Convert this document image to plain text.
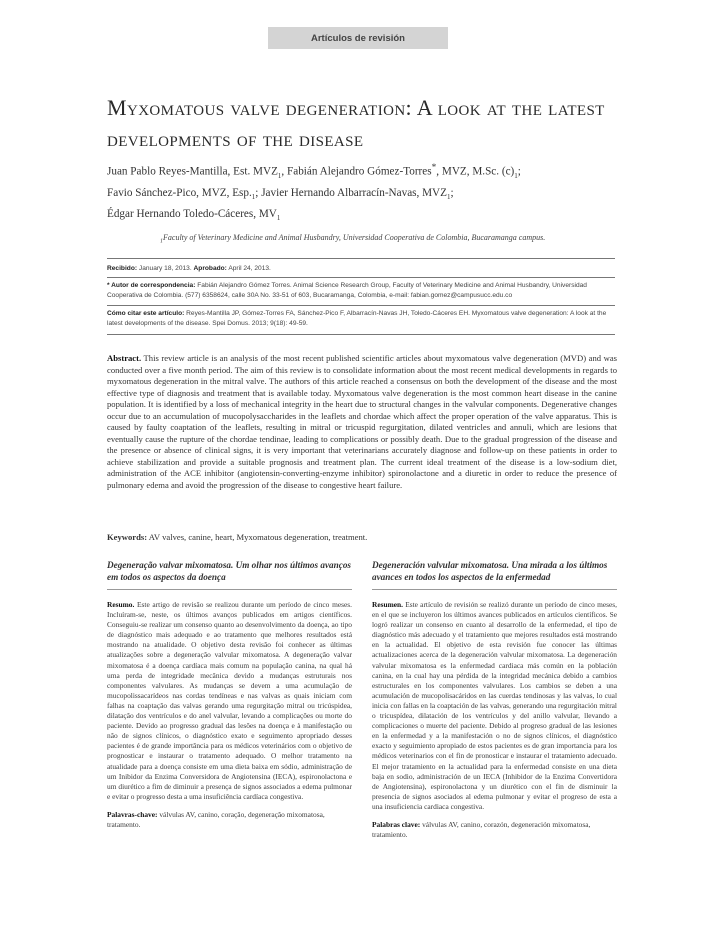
Artículos de revisión
Myxomatous valve degeneration: A look at the latest developments of the disease
Juan Pablo Reyes-Mantilla, Est. $MVZ_1$, Fabián Alejandro Gómez-Torres*, MVZ, M.Sc. $(c)_1$;
Favio Sánchez-Pico, MVZ, $Esp._1$; Javier Hernando Albarracín-Navas, $MVZ_1$;
Édgar Hernando Toledo-Cáceres, $MV_1$
$_1$Faculty of Veterinary Medicine and Animal Husbandry, Universidad Cooperativa de Colombia, Bucaramanga campus.
Recibido: January 18, 2013. Aprobado: April 24, 2013.
* Autor de correspondencia: Fabián Alejandro Gómez Torres. Animal Science Research Group, Faculty of Veterinary Medicine and Animal Husbandry, Universidad Cooperativa de Colombia. (577) 6358624, calle 30A No. 33-51 of 603, Bucaramanga, Colombia, e-mail: fabian.gomez@campusucc.edu.co
Cómo citar este artículo: Reyes-Mantilla JP, Gómez-Torres FA, Sánchez-Pico F, Albarracín-Navas JH, Toledo-Cáceres EH. Myxomatous valve degeneration: A look at the latest developments of the disease. Spei Domus. 2013; 9(18): 49-59.
Abstract. This review article is an analysis of the most recent published scientific articles about myxomatous valve degeneration (MVD) and was conducted over a five month period. The aim of this review is to consolidate information about the most recent medical developments in regards to myxomatous degeneration in the mitral valve. The authors of this article reached a consensus on both the development of the disease and the most effective type of diagnosis and treatment that is available today. Myxomatous valve degeneration is the most common heart disease in the canine population. It is identified by a loss of mechanical integrity in the heart due to structural changes in the valvular components. Degenerative changes occur due to an accumulation of mucopolysaccharides in the leaflets and chordae which affect the proper operation of the valve apparatus. This is caused by faulty coaptation of the leaflets, resulting in mitral or tricuspid regurgitation, dilated ventricles and annuli, which are lesions that eventually cause the rupture of the chordae tendinae, leading to complications or possibly death. Due to the gradual progression of the disease and the presence or absence of clinical signs, it is very important that veterinarians accurately diagnose and follow-up on these patients in order to achieve stabilization and provide a suitable prognosis and treatment plan. The current ideal treatment of the disease is a low-sodium diet, administration of the ACE inhibitor (angiotensin-converting-enzyme inhibitor) spironolactone and a diuretic in order to reduce the presence of pulmonary edema and avoid the progression of the disease to congestive heart failure.
Keywords: AV valves, canine, heart, Myxomatous degeneration, treatment.
Degeneração valvar mixomatosa. Um olhar nos últimos avanços em todos os aspectos da doença
Resumo. Este artigo de revisão se realizou durante um período de cinco meses. Incluíram-se, neste, os últimos avanços publicados em artigos científicos. Conseguiu-se realizar um consenso quanto ao desenvolvimento da doença, ao tipo de diagnóstico mais adequado e ao tratamento que melhores resultados está mostrando na atualidade. O objetivo desta revisão foi conhecer as últimas atualizações sobre a degeneração valvular mixomatosa. A degeneração valvar mixomatosa é a doença cardíaca mais comum na população canina, na qual há uma perda de integridade mecânica devido a mudanças estruturais nos componentes valvulares. As mudanças se devem a uma acumulação de mucopolissacarídeos nas cordas tendíneas e nas valvas as quais iniciam com falhas na coaptação das valvas gerando uma regurgitação mitral ou tricúspidea, dilatação dos ventrículos e do anel valvular, levando a complicações ou morte do paciente. Devido ao progresso gradual das lesões na doença e à manifestação ou não de signos clínicos, o diagnóstico exato e seguimento apropriado desses pacientes é de grande importância para os médicos veterinários com o objetivo de prognosticar e instaurar o tratamento adequado. O melhor tratamento na atualidade para a doença consiste em uma dieta baixa em sódio, administração de um Inibidor da Enzima Conversidora de Angiotensina (IECA), espironolactona e um diurético a fim de diminuir a presença de signos associados a edema pulmonar e evitar o progresso desta a uma insuficiência cardíaca congestiva.
Palavras-chave: válvulas AV, canino, coração, degeneração mixomatosa, tratamento.
Degeneración valvular mixomatosa. Una mirada a los últimos avances en todos los aspectos de la enfermedad
Resumen. Este artículo de revisión se realizó durante un período de cinco meses, en el que se incluyeron los últimos avances publicados en artículos científicos. Se logró realizar un consenso en cuanto al desarrollo de la enfermedad, el tipo de diagnóstico más adecuado y el tratamiento que mejores resultados está mostrando en la actualidad. El objetivo de esta revisión fue conocer las últimas actualizaciones acerca de la degeneración valvular mixomatosa. La degeneración valvular mixomatosa es la enfermedad cardiaca más común en la población canina, en la cual hay una pérdida de la integridad mecánica debido a cambios estructurales en los componentes valvulares. Los cambios se deben a una acumulación de mucopolisacáridos en las cuerdas tendinosas y las valvas, lo cual inicia con fallas en la coaptación de las valvas, generando una regurgitación mitral o tricuspídea, dilatación de los ventrículos y del anillo valvular, llevando a complicaciones o muerte del paciente. Debido al progreso gradual de las lesiones en la enfermedad y a la manifestación o no de signos clínicos, el diagnóstico exacto y seguimiento apropiado de estos pacientes es de gran importancia para los médicos veterinarios con el fin de pronosticar e instaurar el tratamiento adecuado. El mejor tratamiento en la actualidad para la enfermedad consiste en una dieta baja en sodio, administración de un IECA (Inhibidor de la Enzima Convertidora de Angiotensina), espironolactona y un diurético con el fin de disminuir la presencia de signos asociados al edema pulmonar y evitar el progreso de esta a una insuficiencia cardiaca congestiva.
Palabras clave: válvulas AV, canino, corazón, degeneración mixomatosa, tratamiento.
